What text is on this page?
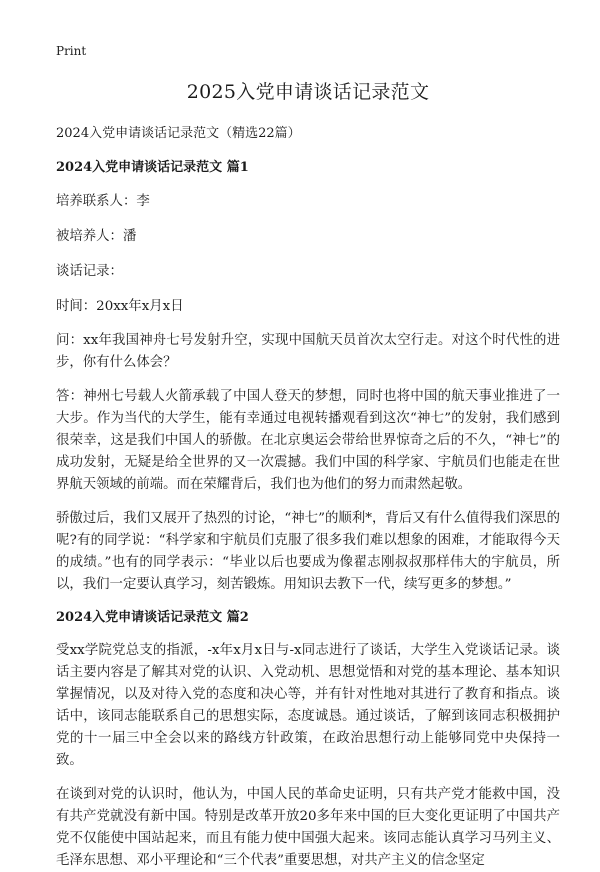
Print
2025入党申请谈话记录范文
2024入党申请谈话记录范文（精选22篇）
2024入党申请谈话记录范文 篇1

培养联系人：李

被培养人：潘

谈话记录：

时间：20xx年x月x日

问：xx年我国神舟七号发射升空，实现中国航天员首次太空行走。对这个时代性的进步，你有什么体会？

答：神州七号载人火箭承载了中国人登天的梦想，同时也将中国的航天事业推进了一大步。作为当代的大学生，能有幸通过电视转播观看到这次“神七”的发射，我们感到很荣幸，这是我们中国人的骄傲。在北京奥运会带给世界惊奇之后的不久，“神七”的成功发射，无疑是给全世界的又一次震撼。我们中国的科学家、宇航员们也能走在世界航天领域的前端。而在荣耀背后，我们也为他们的努力而肃然起敬。

骄傲过后，我们又展开了热烈的讨论，“神七”的顺利*，背后又有什么值得我们深思的呢?有的同学说：“科学家和宇航员们克服了很多我们难以想象的困难，才能取得今天的成绩。”也有的同学表示：“毕业以后也要成为像翟志刚叔叔那样伟大的宇航员，所以，我们一定要认真学习，刻苦锻炼。用知识去教下一代，续写更多的梦想。”

2024入党申请谈话记录范文 篇2

受xx学院党总支的指派，-x年x月x日与-x同志进行了谈话，大学生入党谈话记录。谈话主要内容是了解其对党的认识、入党动机、思想觉悟和对党的基本理论、基本知识掌握情况，以及对待入党的态度和决心等，并有针对性地对其进行了教育和指点。谈话中，该同志能联系自己的思想实际，态度诚恳。通过谈话，了解到该同志积极拥护党的十一届三中全会以来的路线方针政策，在政治思想行动上能够同党中央保持一致。

在谈到对党的认识时，他认为，中国人民的革命史证明，只有共产党才能救中国，没有共产党就没有新中国。特别是改革开放20多年来中国的巨大变化更证明了中国共产党不仅能使中国站起来，而且有能力使中国强大起来。该同志能认真学习马列主义、毛泽东思想、邓小平理论和“三个代表”重要思想，对共产主义的信念坚定
